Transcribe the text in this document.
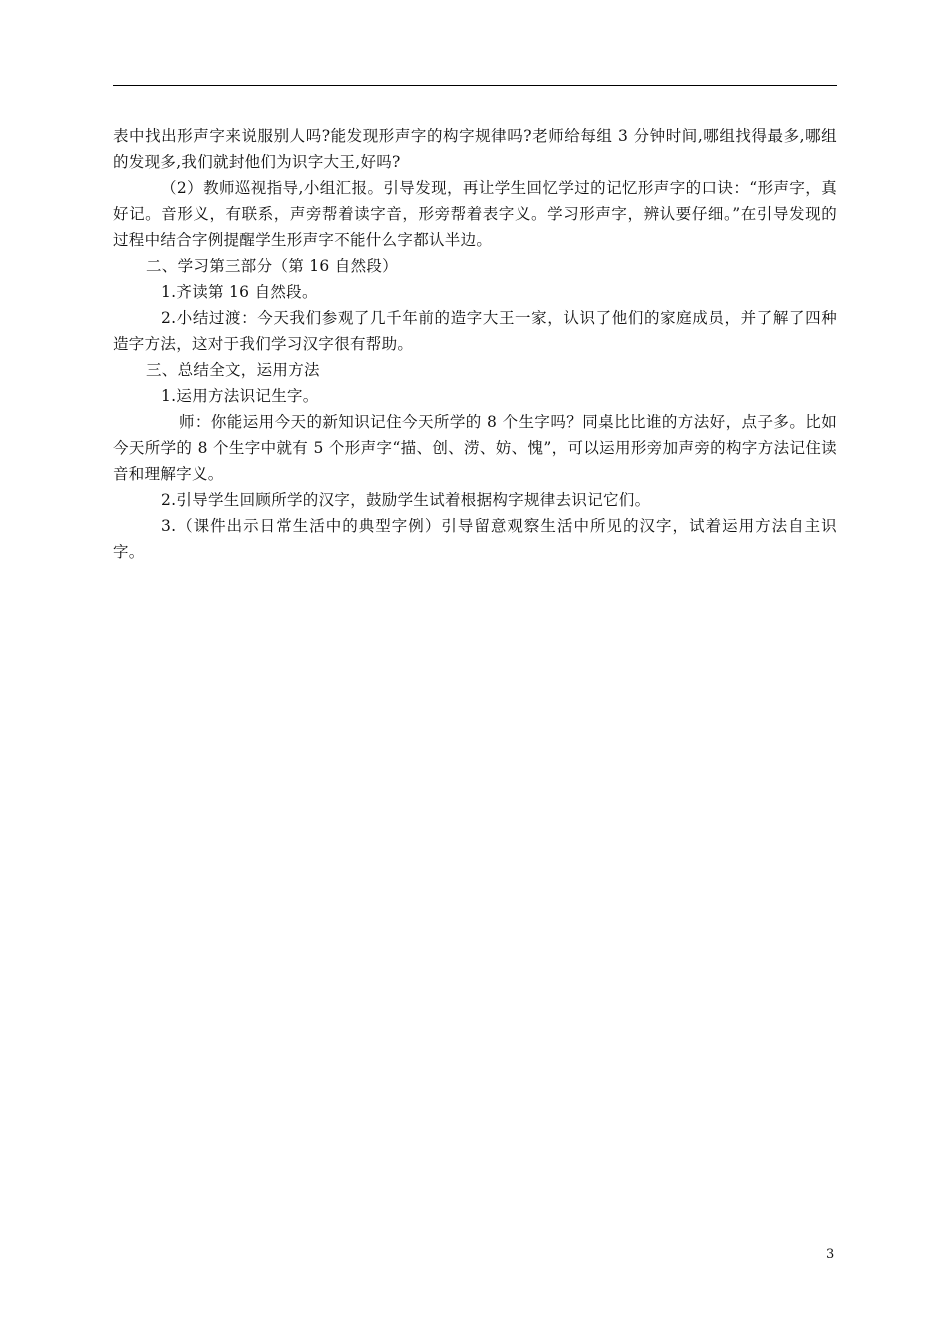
表中找出形声字来说服别人吗?能发现形声字的构字规律吗?老师给每组 3 分钟时间,哪组找得最多,哪组的发现多,我们就封他们为识字大王,好吗?

（2）教师巡视指导,小组汇报。引导发现，再让学生回忆学过的记忆形声字的口诀：“形声字，真好记。音形义，有联系，声旁帮着读字音，形旁帮着表字义。学习形声字，辨认要仔细。”在引导发现的过程中结合字例提醒学生形声字不能什么字都认半边。

二、学习第三部分（第 16 自然段）

1.齐读第 16 自然段。

2.小结过渡：今天我们参观了几千年前的造字大王一家，认识了他们的家庭成员，并了解了四种造字方法，这对于我们学习汉字很有帮助。

三、总结全文，运用方法

1.运用方法识记生字。

师：你能运用今天的新知识记住今天所学的 8 个生字吗？同桌比比谁的方法好，点子多。比如今天所学的 8 个生字中就有 5 个形声字“描、创、涝、妨、愧”，可以运用形旁加声旁的构字方法记住读音和理解字义。

2.引导学生回顾所学的汉字，鼓励学生试着根据构字规律去识记它们。

3.（课件出示日常生活中的典型字例）引导留意观察生活中所见的汉字，试着运用方法自主识字。

3
